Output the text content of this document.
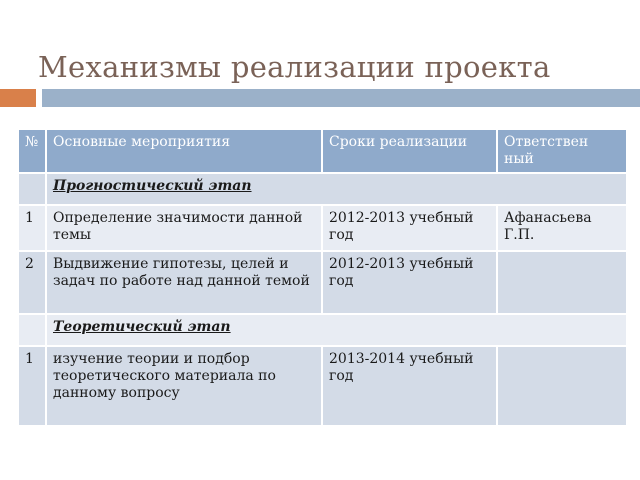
Механизмы реализации проекта
№	Основные мероприятия	Сроки реализации	Ответствен ный
	Прогностический этап		
1	Определение значимости данной темы	2012-2013 учебный год	Афанасьева Г.П.
2	Выдвижение гипотезы, целей и задач по работе над данной темой	2012-2013 учебный год	
	Теоретический этап		
1	изучение теории и подбор теоретического материала по данному вопросу	2013-2014 учебный год	
